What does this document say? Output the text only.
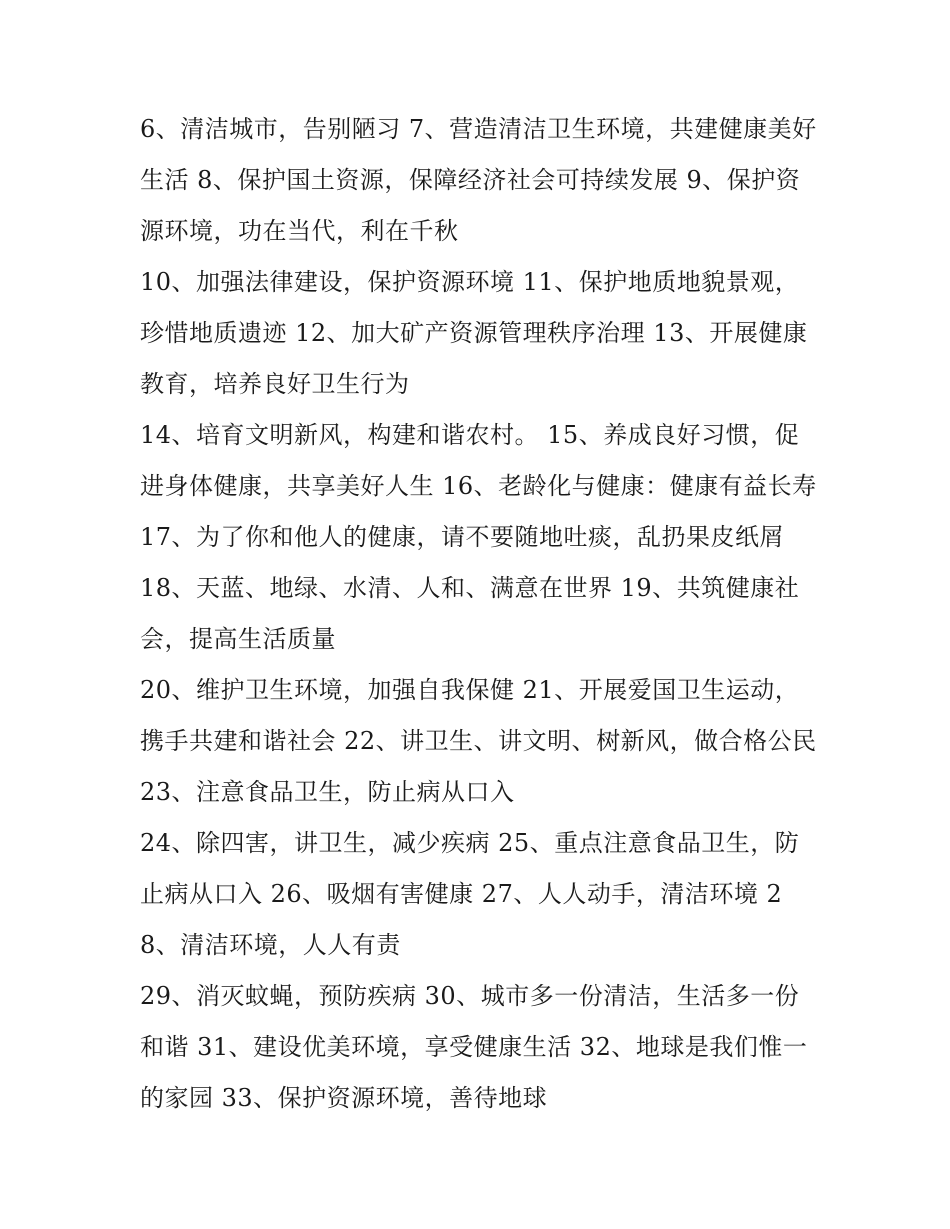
6、清洁城市，告别陋习 7、营造清洁卫生环境，共建健康美好生活 8、保护国土资源，保障经济社会可持续发展 9、保护资源环境，功在当代，利在千秋

10、加强法律建设，保护资源环境 11、保护地质地貌景观，珍惜地质遗迹 12、加大矿产资源管理秩序治理 13、开展健康教育，培养良好卫生行为

14、培育文明新风，构建和谐农村。 15、养成良好习惯，促进身体健康，共享美好人生 16、老龄化与健康：健康有益长寿

17、为了你和他人的健康，请不要随地吐痰，乱扔果皮纸屑

18、天蓝、地绿、水清、人和、满意在世界 19、共筑健康社会，提高生活质量

20、维护卫生环境，加强自我保健 21、开展爱国卫生运动，携手共建和谐社会 22、讲卫生、讲文明、树新风，做合格公民 23、注意食品卫生，防止病从口入

24、除四害，讲卫生，减少疾病 25、重点注意食品卫生，防止病从口入 26、吸烟有害健康 27、人人动手，清洁环境 28、清洁环境，人人有责

29、消灭蚊蝇，预防疾病 30、城市多一份清洁，生活多一份和谐 31、建设优美环境，享受健康生活 32、地球是我们惟一的家园 33、保护资源环境，善待地球
